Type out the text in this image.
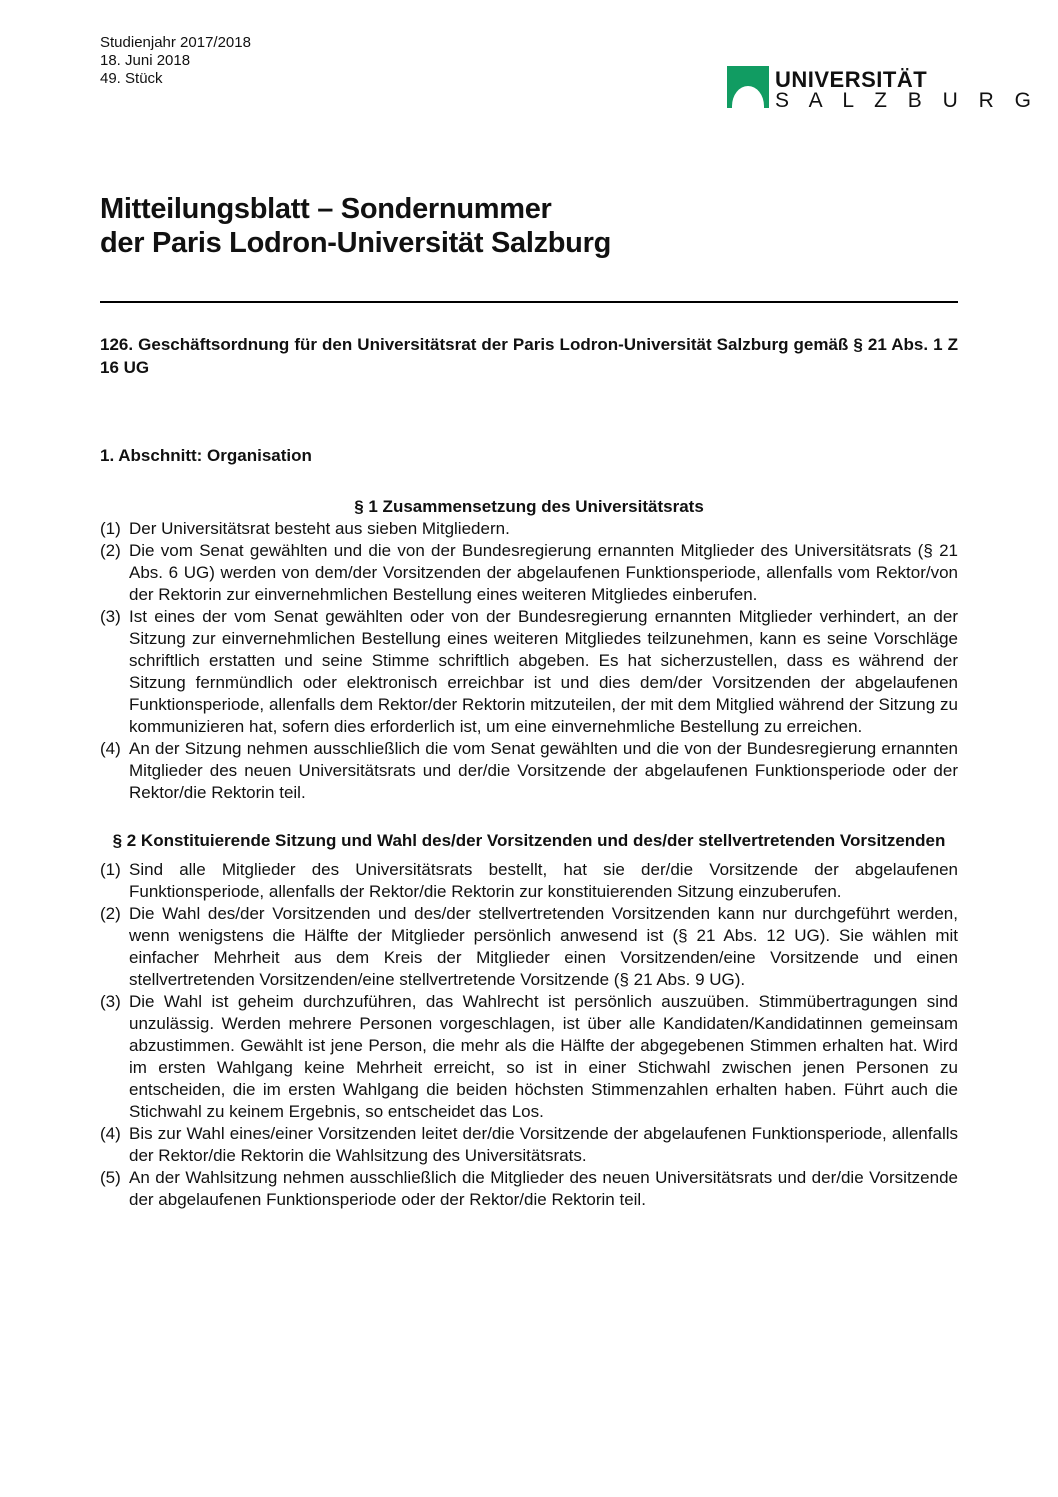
UNIVERSITÄT
S A L Z B U R G
Studienjahr 2017/2018
18. Juni 2018
49. Stück
Mitteilungsblatt – Sondernummer
der Paris Lodron-Universität Salzburg
126. Geschäftsordnung für den Universitätsrat der Paris Lodron-Universität Salzburg gemäß § 21 Abs. 1 Z 16 UG
1. Abschnitt: Organisation
§ 1 Zusammensetzung des Universitätsrats
(1) Der Universitätsrat besteht aus sieben Mitgliedern.
(2) Die vom Senat gewählten und die von der Bundesregierung ernannten Mitglieder des Universitätsrats (§ 21 Abs. 6 UG) werden von dem/der Vorsitzenden der abgelaufenen Funktionsperiode, allenfalls vom Rektor/von der Rektorin zur einvernehmlichen Bestellung eines weiteren Mitgliedes einberufen.
(3) Ist eines der vom Senat gewählten oder von der Bundesregierung ernannten Mitglieder verhindert, an der Sitzung zur einvernehmlichen Bestellung eines weiteren Mitgliedes teilzunehmen, kann es seine Vorschläge schriftlich erstatten und seine Stimme schriftlich abgeben. Es hat sicherzustellen, dass es während der Sitzung fernmündlich oder elektronisch erreichbar ist und dies dem/der Vorsitzenden der abgelaufenen Funktionsperiode, allenfalls dem Rektor/der Rektorin mitzuteilen, der mit dem Mitglied während der Sitzung zu kommunizieren hat, sofern dies erforderlich ist, um eine einvernehmliche Bestellung zu erreichen.
(4) An der Sitzung nehmen ausschließlich die vom Senat gewählten und die von der Bundesregierung ernannten Mitglieder des neuen Universitätsrats und der/die Vorsitzende der abgelaufenen Funktionsperiode oder der Rektor/die Rektorin teil.
§ 2 Konstituierende Sitzung und Wahl des/der Vorsitzenden und des/der stellvertretenden Vorsitzenden
(1) Sind alle Mitglieder des Universitätsrats bestellt, hat sie der/die Vorsitzende der abgelaufenen Funktionsperiode, allenfalls der Rektor/die Rektorin zur konstituierenden Sitzung einzuberufen.
(2) Die Wahl des/der Vorsitzenden und des/der stellvertretenden Vorsitzenden kann nur durchgeführt werden, wenn wenigstens die Hälfte der Mitglieder persönlich anwesend ist (§ 21 Abs. 12 UG). Sie wählen mit einfacher Mehrheit aus dem Kreis der Mitglieder einen Vorsitzenden/eine Vorsitzende und einen stellvertretenden Vorsitzenden/eine stellvertretende Vorsitzende (§ 21 Abs. 9 UG).
(3) Die Wahl ist geheim durchzuführen, das Wahlrecht ist persönlich auszuüben. Stimmübertragungen sind unzulässig. Werden mehrere Personen vorgeschlagen, ist über alle Kandidaten/Kandidatinnen gemeinsam abzustimmen. Gewählt ist jene Person, die mehr als die Hälfte der abgegebenen Stimmen erhalten hat. Wird im ersten Wahlgang keine Mehrheit erreicht, so ist in einer Stichwahl zwischen jenen Personen zu entscheiden, die im ersten Wahlgang die beiden höchsten Stimmenzahlen erhalten haben. Führt auch die Stichwahl zu keinem Ergebnis, so entscheidet das Los.
(4) Bis zur Wahl eines/einer Vorsitzenden leitet der/die Vorsitzende der abgelaufenen Funktionsperiode, allenfalls der Rektor/die Rektorin die Wahlsitzung des Universitätsrats.
(5) An der Wahlsitzung nehmen ausschließlich die Mitglieder des neuen Universitätsrats und der/die Vorsitzende der abgelaufenen Funktionsperiode oder der Rektor/die Rektorin teil.
